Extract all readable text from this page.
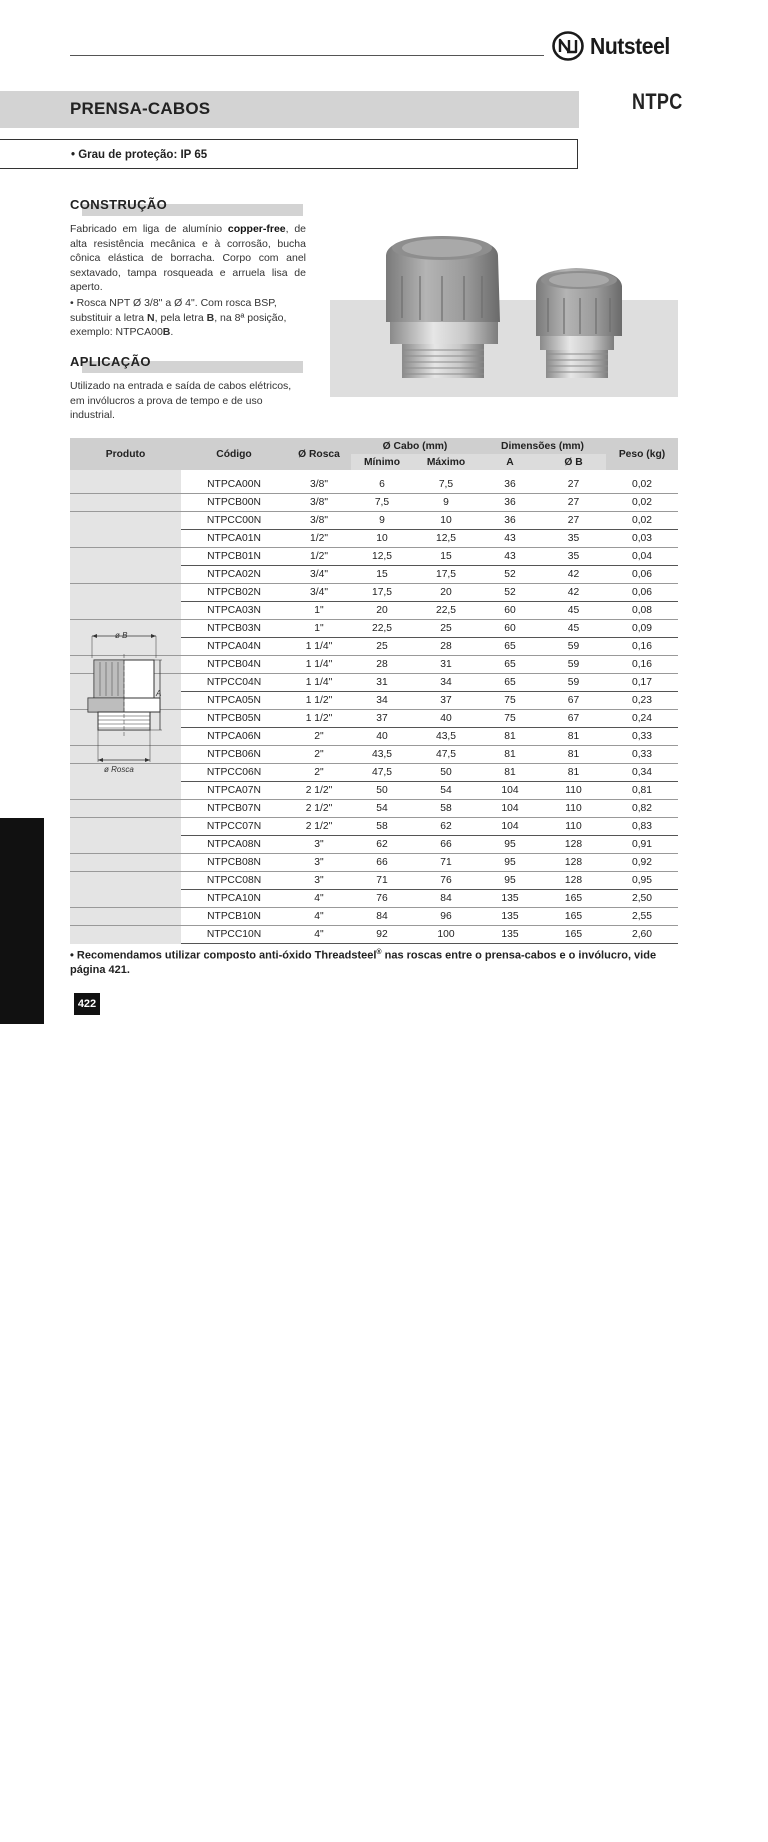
Nutsteel
PRENSA-CABOS	NTPC
• Grau de proteção: IP 65
CONSTRUÇÃO
Fabricado em liga de alumínio copper-free, de alta resistência mecânica e à corrosão, bucha cônica elástica de borracha. Corpo com anel sextavado, tampa rosqueada e arruela lisa de aperto.
• Rosca NPT Ø 3/8" a Ø 4". Com rosca BSP, substituir a letra N, pela letra B, na 8ª posição, exemplo: NTPCA00B.
APLICAÇÃO
Utilizado na entrada e saída de cabos elétricos, em invólucros a prova de tempo e de uso industrial.
Produto	Código	Ø Rosca	Ø Cabo (mm)		Dimensões (mm)		Peso (kg)
			Mínimo	Máximo	A	Ø B	

	NTPCA00N	3/8"	6	7,5	36	27	0,02
	NTPCB00N	3/8"	7,5	9	36	27	0,02
	NTPCC00N	3/8"	9	10	36	27	0,02
	NTPCA01N	1/2"	10	12,5	43	35	0,03
	NTPCB01N	1/2"	12,5	15	43	35	0,04
	NTPCA02N	3/4"	15	17,5	52	42	0,06
	NTPCB02N	3/4"	17,5	20	52	42	0,06
	NTPCA03N	1"	20	22,5	60	45	0,08
	NTPCB03N	1"	22,5	25	60	45	0,09
	NTPCA04N	1 1/4"	25	28	65	59	0,16
	NTPCB04N	1 1/4"	28	31	65	59	0,16
	NTPCC04N	1 1/4"	31	34	65	59	0,17
	NTPCA05N	1 1/2"	34	37	75	67	0,23
	NTPCB05N	1 1/2"	37	40	75	67	0,24
	NTPCA06N	2"	40	43,5	81	81	0,33
	NTPCB06N	2"	43,5	47,5	81	81	0,33
	NTPCC06N	2"	47,5	50	81	81	0,34
	NTPCA07N	2 1/2"	50	54	104	110	0,81
	NTPCB07N	2 1/2"	54	58	104	110	0,82
	NTPCC07N	2 1/2"	58	62	104	110	0,83
	NTPCA08N	3"	62	66	95	128	0,91
	NTPCB08N	3"	66	71	95	128	0,92
	NTPCC08N	3"	71	76	95	128	0,95
	NTPCA10N	4"	76	84	135	165	2,50
	NTPCB10N	4"	84	96	135	165	2,55
	NTPCC10N	4"	92	100	135	165	2,60
ø B
A
ø Rosca
• Recomendamos utilizar composto anti-óxido Threadsteel® nas roscas entre o prensa-cabos e o invólucro, vide página 421.
CONEXÕES E ACESSÓRIOS
422
